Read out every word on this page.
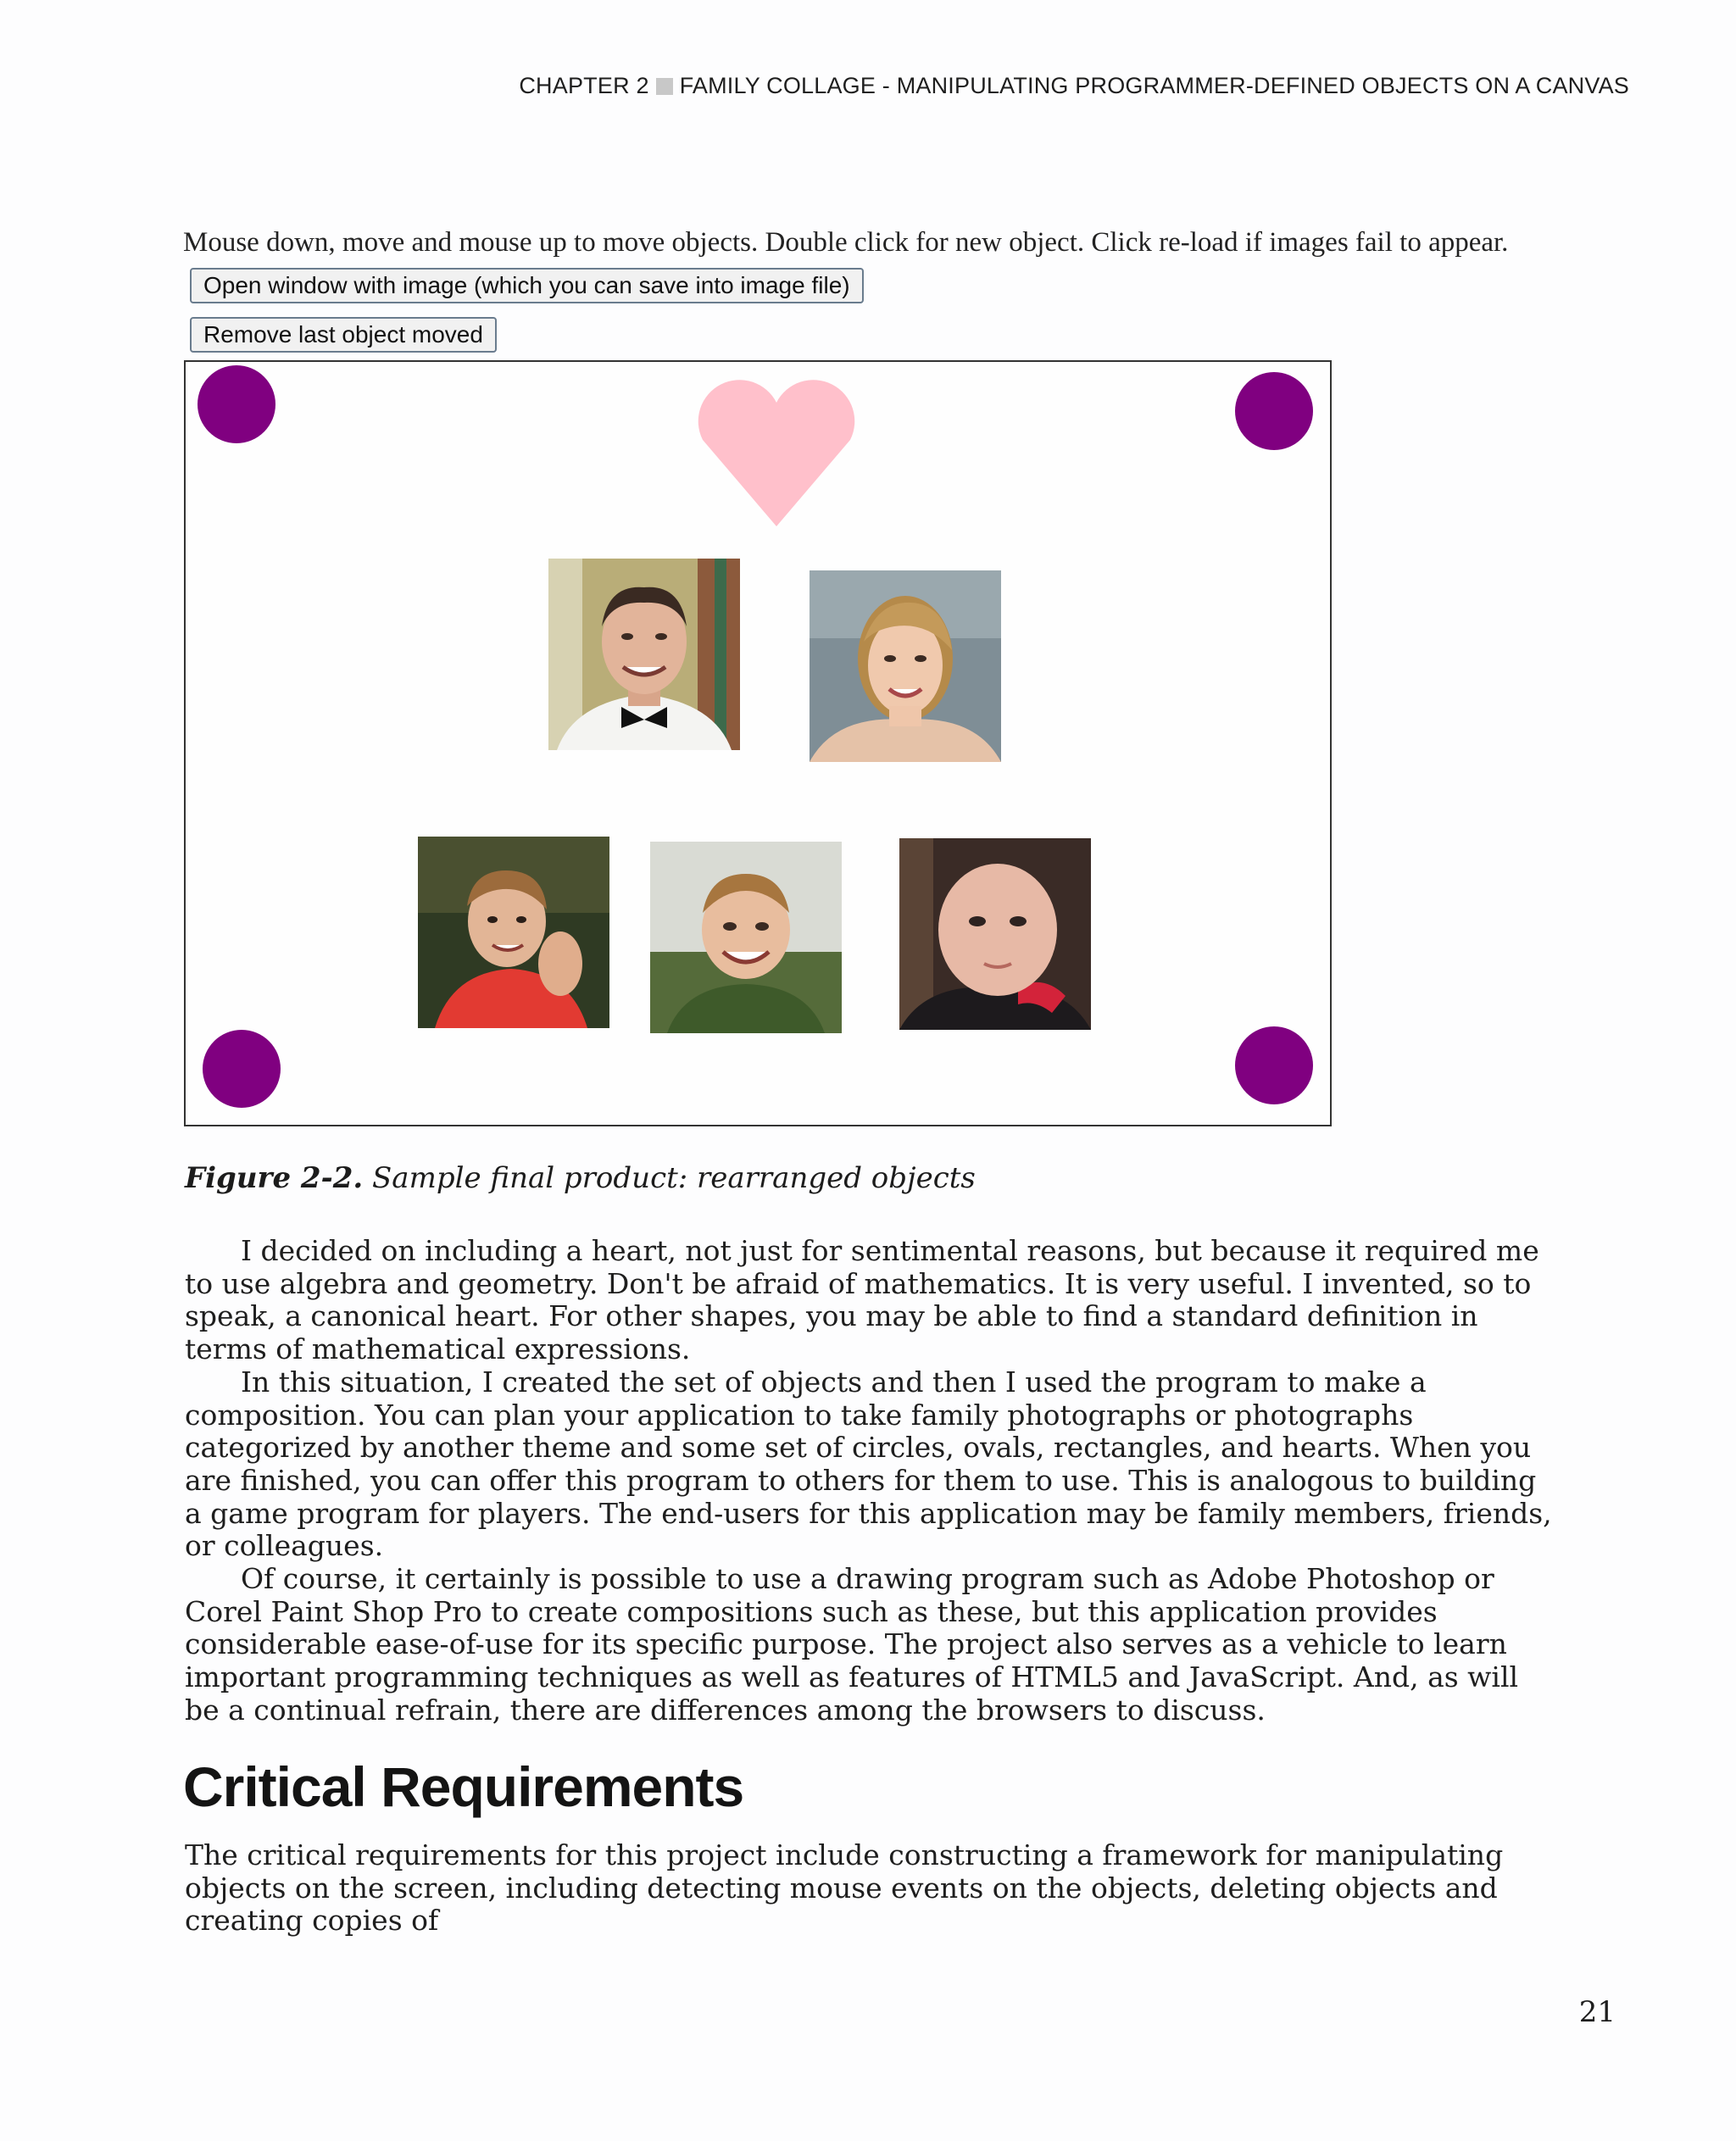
CHAPTER 2 FAMILY COLLAGE - MANIPULATING PROGRAMMER-DEFINED OBJECTS ON A CANVAS
Mouse down, move and mouse up to move objects. Double click for new object. Click re-load if images fail to appear.
Open window with image (which you can save into image file)
Remove last object moved
Figure 2-2. Sample final product: rearranged objects

I decided on including a heart, not just for sentimental reasons, but because it required me to use algebra and geometry. Don't be afraid of mathematics. It is very useful. I invented, so to speak, a canonical heart. For other shapes, you may be able to find a standard definition in terms of mathematical expressions.

In this situation, I created the set of objects and then I used the program to make a composition. You can plan your application to take family photographs or photographs categorized by another theme and some set of circles, ovals, rectangles, and hearts. When you are finished, you can offer this program to others for them to use. This is analogous to building a game program for players. The end-users for this application may be family members, friends, or colleagues.

Of course, it certainly is possible to use a drawing program such as Adobe Photoshop or Corel Paint Shop Pro to create compositions such as these, but this application provides considerable ease-of-use for its specific purpose. The project also serves as a vehicle to learn important programming techniques as well as features of HTML5 and JavaScript. And, as will be a continual refrain, there are differences among the browsers to discuss.

Critical Requirements

The critical requirements for this project include constructing a framework for manipulating objects on the screen, including detecting mouse events on the objects, deleting objects and creating copies of

21
